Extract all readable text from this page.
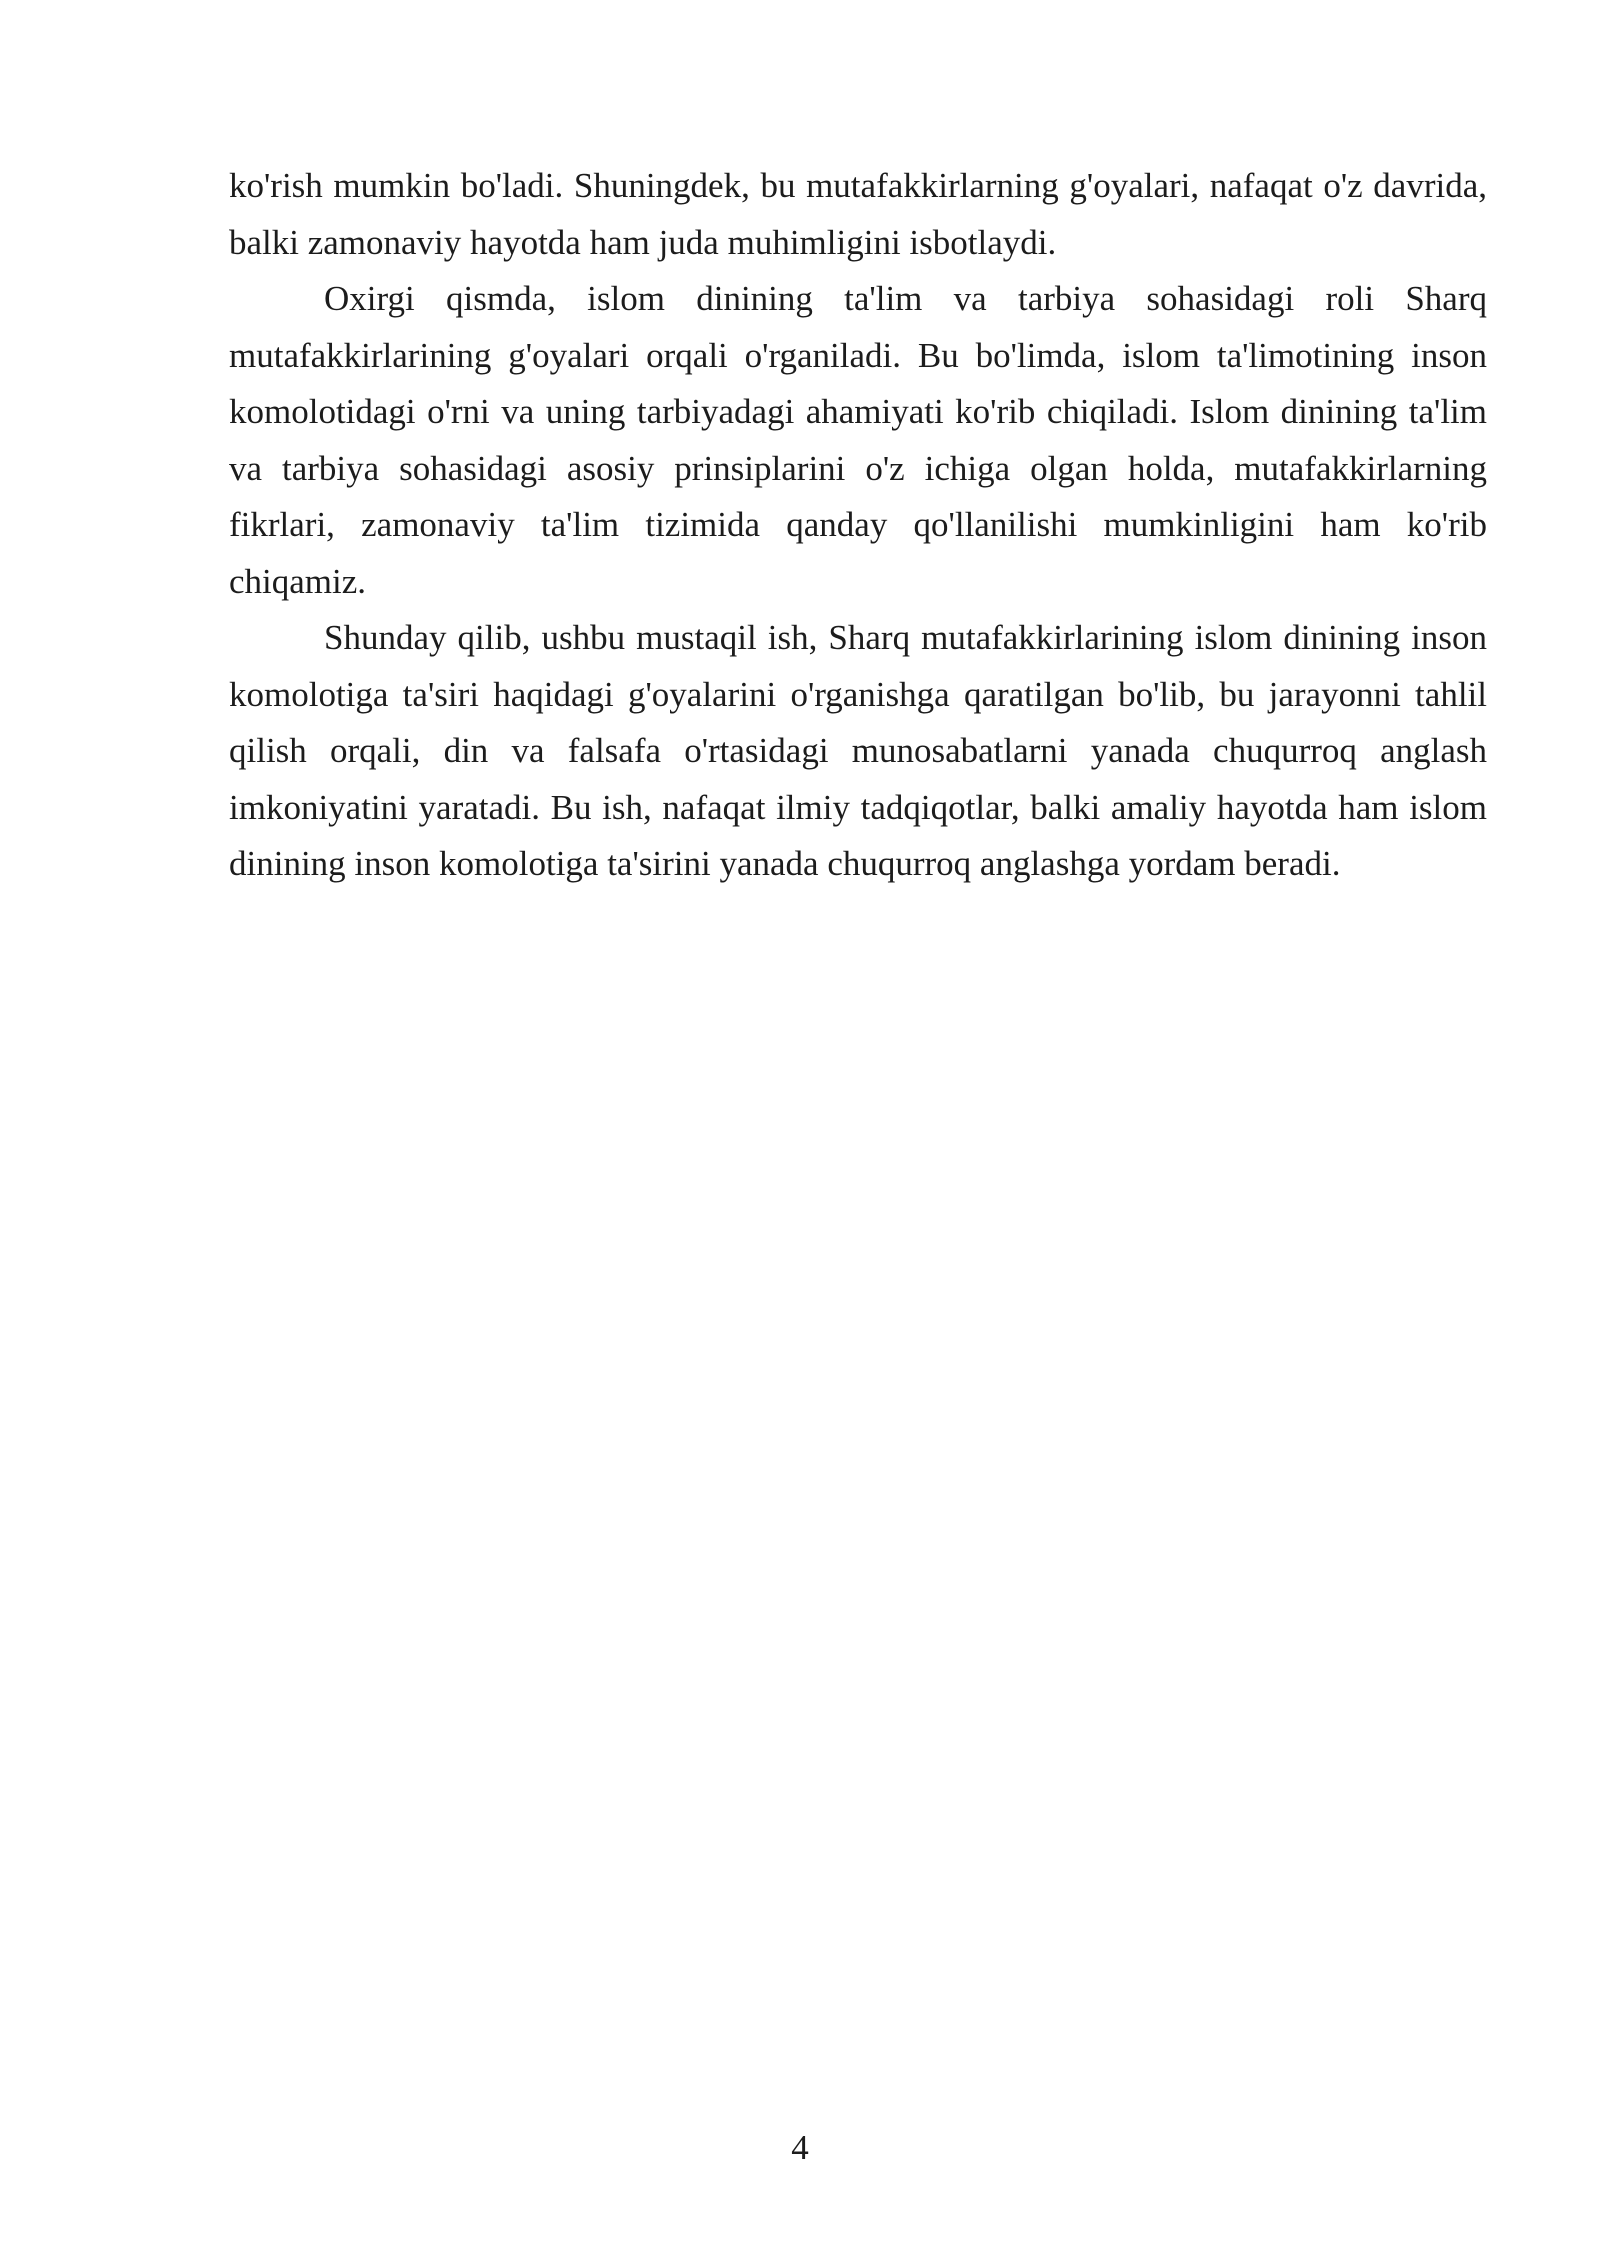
ko'rish mumkin bo'ladi. Shuningdek, bu mutafakkirlarning g'oyalari, nafaqat o'z davrida, balki zamonaviy hayotda ham juda muhimligini isbotlaydi.

Oxirgi qismda, islom dinining ta'lim va tarbiya sohasidagi roli Sharq mutafakkirlarining g'oyalari orqali o'rganiladi. Bu bo'limda, islom ta'limotining inson komolotidagi o'rni va uning tarbiyadagi ahamiyati ko'rib chiqiladi. Islom dinining ta'lim va tarbiya sohasidagi asosiy prinsiplarini o'z ichiga olgan holda, mutafakkirlarning fikrlari, zamonaviy ta'lim tizimida qanday qo'llanilishi mumkinligini ham ko'rib chiqamiz.

Shunday qilib, ushbu mustaqil ish, Sharq mutafakkirlarining islom dinining inson komolotiga ta'siri haqidagi g'oyalarini o'rganishga qaratilgan bo'lib, bu jarayonni tahlil qilish orqali, din va falsafa o'rtasidagi munosabatlarni yanada chuqurroq anglash imkoniyatini yaratadi. Bu ish, nafaqat ilmiy tadqiqotlar, balki amaliy hayotda ham islom dinining inson komolotiga ta'sirini yanada chuqurroq anglashga yordam beradi.

4
